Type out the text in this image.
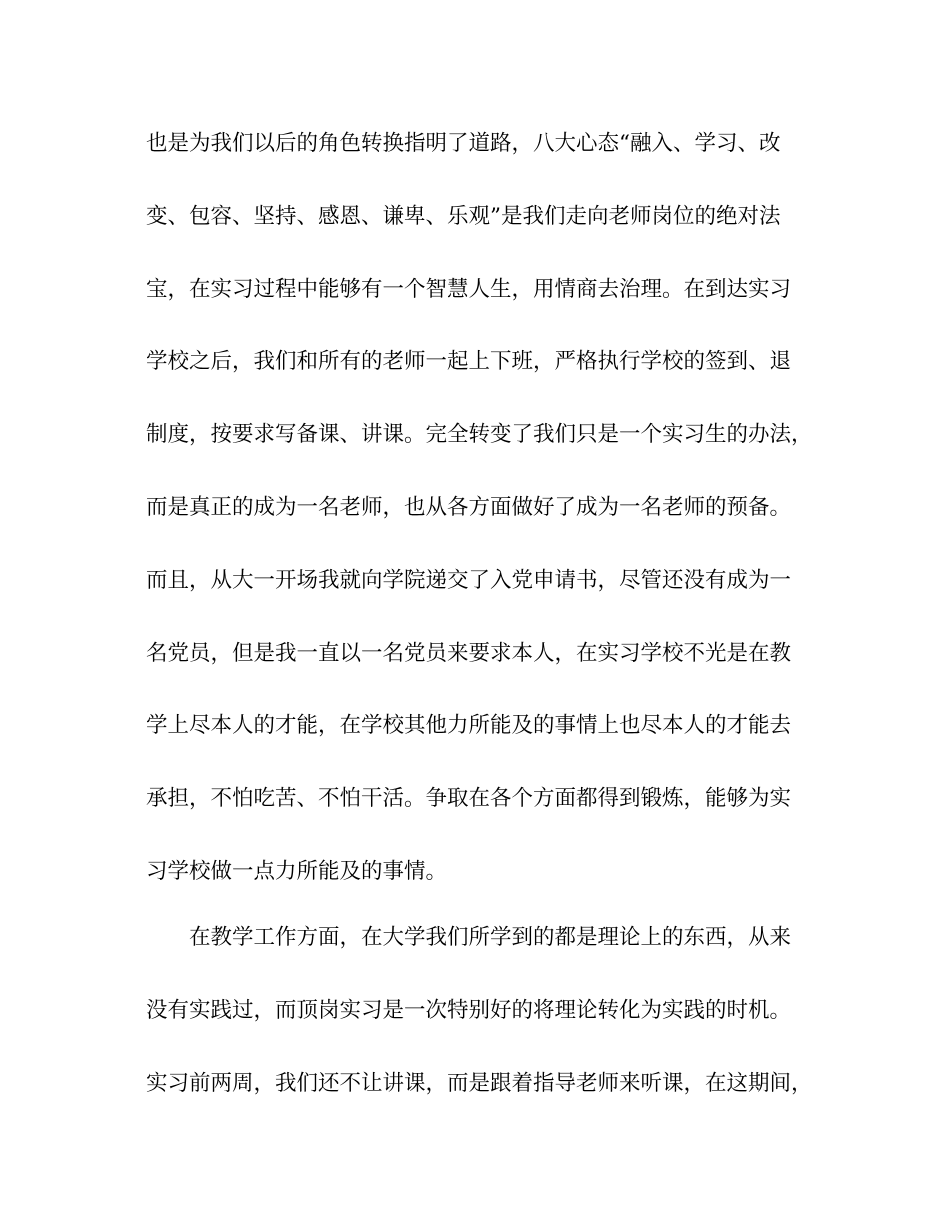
也是为我们以后的角色转换指明了道路，八大心态“融入、学习、改
变、包容、坚持、感恩、谦卑、乐观”是我们走向老师岗位的绝对法
宝，在实习过程中能够有一个智慧人生，用情商去治理。在到达实习
学校之后，我们和所有的老师一起上下班，严格执行学校的签到、退
制度，按要求写备课、讲课。完全转变了我们只是一个实习生的办法，
而是真正的成为一名老师，也从各方面做好了成为一名老师的预备。
而且，从大一开场我就向学院递交了入党申请书，尽管还没有成为一
名党员，但是我一直以一名党员来要求本人，在实习学校不光是在教
学上尽本人的才能，在学校其他力所能及的事情上也尽本人的才能去
承担，不怕吃苦、不怕干活。争取在各个方面都得到锻炼，能够为实
习学校做一点力所能及的事情。
在教学工作方面，在大学我们所学到的都是理论上的东西，从来
没有实践过，而顶岗实习是一次特别好的将理论转化为实践的时机。
实习前两周，我们还不让讲课，而是跟着指导老师来听课，在这期间，
